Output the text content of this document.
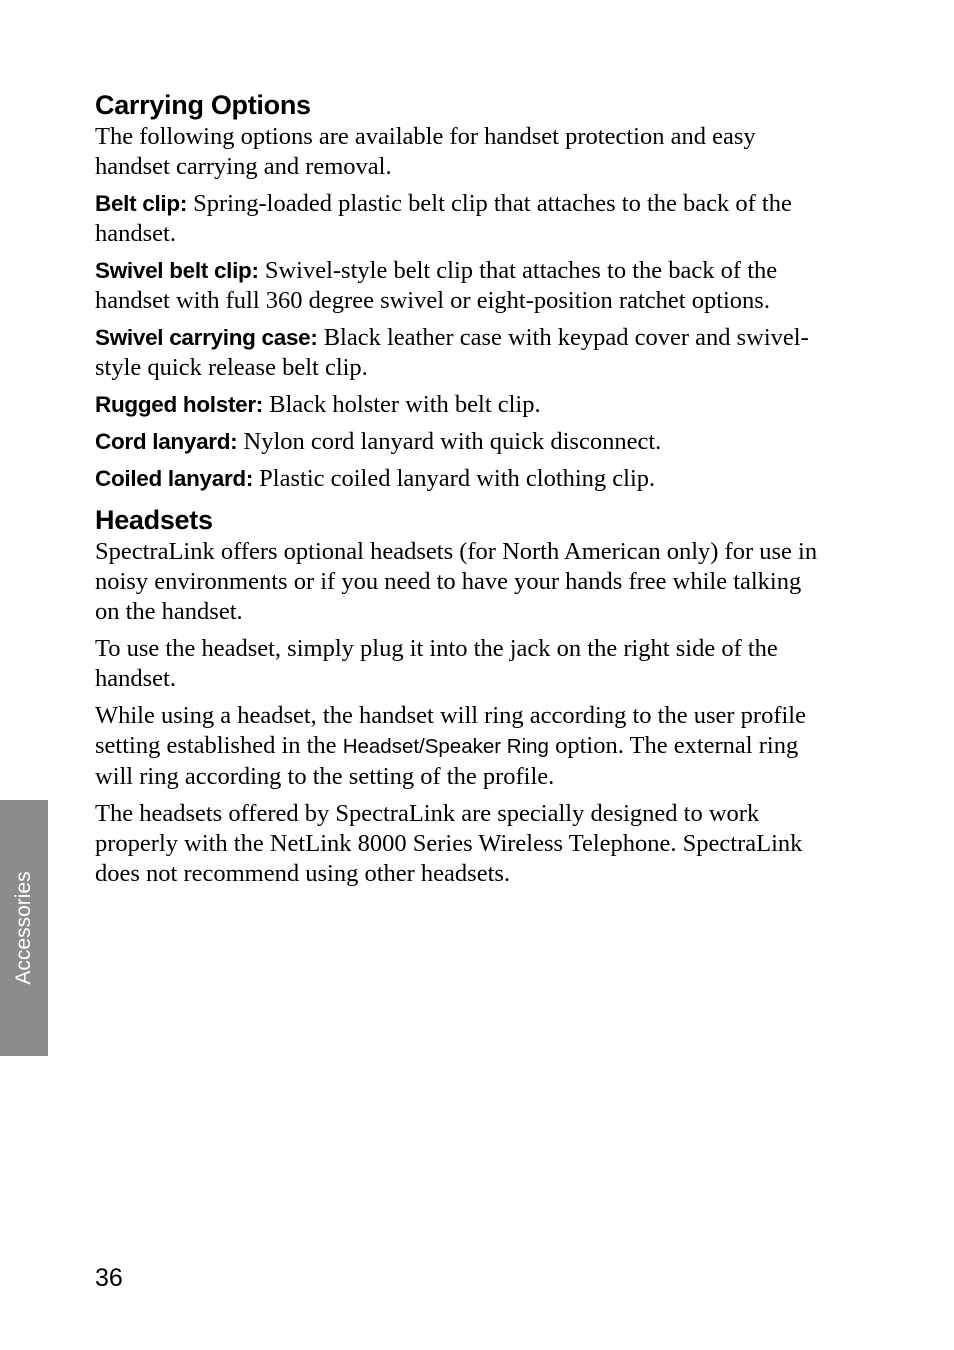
Carrying Options

The following options are available for handset protection and easy handset carrying and removal.

Belt clip: Spring-loaded plastic belt clip that attaches to the back of the handset.

Swivel belt clip: Swivel-style belt clip that attaches to the back of the handset with full 360 degree swivel or eight-position ratchet options.

Swivel carrying case: Black leather case with keypad cover and swivel-style quick release belt clip.

Rugged holster: Black holster with belt clip.

Cord lanyard: Nylon cord lanyard with quick disconnect.

Coiled lanyard: Plastic coiled lanyard with clothing clip.

Headsets

SpectraLink offers optional headsets (for North American only) for use in noisy environments or if you need to have your hands free while talking on the handset.

To use the headset, simply plug it into the jack on the right side of the handset.

While using a headset, the handset will ring according to the user profile setting established in the Headset/Speaker Ring option. The external ring will ring according to the setting of the profile.

The headsets offered by SpectraLink are specially designed to work properly with the NetLink 8000 Series Wireless Telephone. SpectraLink does not recommend using other headsets.

Accessories
36
